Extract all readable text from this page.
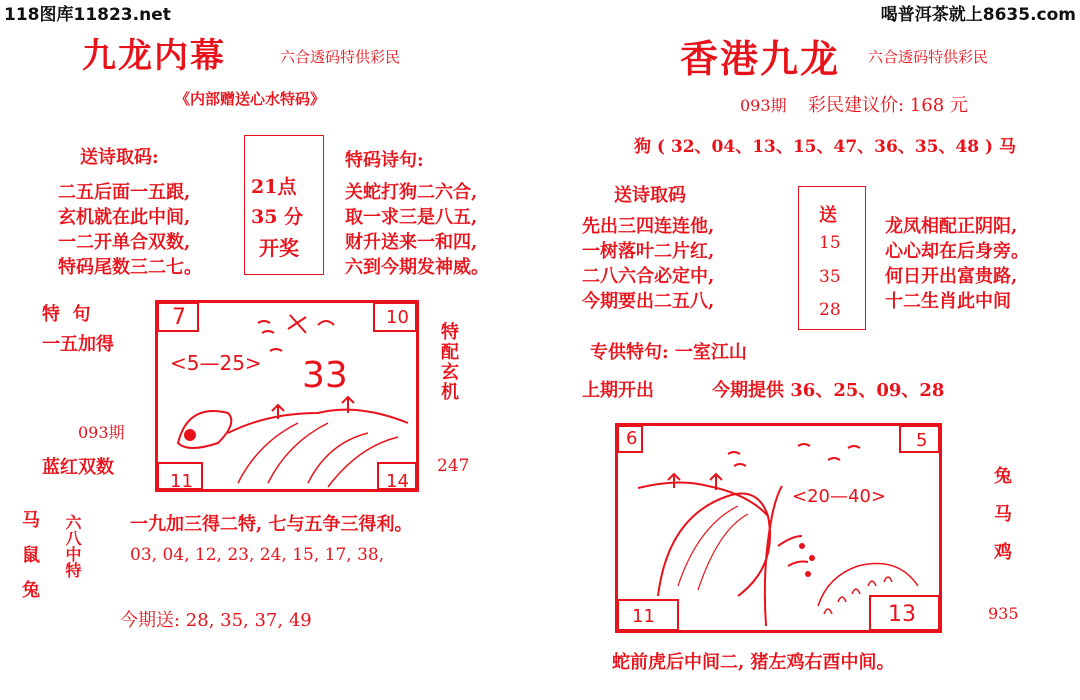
118图库11823.net	喝普洱茶就上8635.com
九龙内幕	六合透码特供彩民
《内部赠送心水特码》
送诗取码:
二五后面一五跟,
玄机就在此中间,
一二开单合双数,
特码尾数三二七。
21点
35 分
开奖
特码诗句:
关蛇打狗二六合,
取一求三是八五,
财升送来一和四,
六到今期发神威。
特  句
一五加得
093期
蓝红双数
7	10
11	14
<5—25> 33	特配玄机
247
马
鼠
兔
六八中特	一九加三得二特, 七与五争三得利。
03, 04, 12, 23, 24, 15, 17, 38,
今期送: 28, 35, 37, 49
香港九龙 六合透码特供彩民
093期 彩民建议价: 168 元
狗 ( 32、04、13、15、47、36、35、48 ) 马
送诗取码
先出三四连连他,
一树落叶二片红,
二八六合必定中,
今期要出二五八,
送
15
35
28
龙凤相配正阴阳,
心心却在后身旁。
何日开出富贵路,
十二生肖此中间
专供特句: 一室江山
上期开出	今期提供 36、25、09、28
6	5
11	13
<20—40>
兔
马
鸡
935
蛇前虎后中间二, 猪左鸡右酉中间。
